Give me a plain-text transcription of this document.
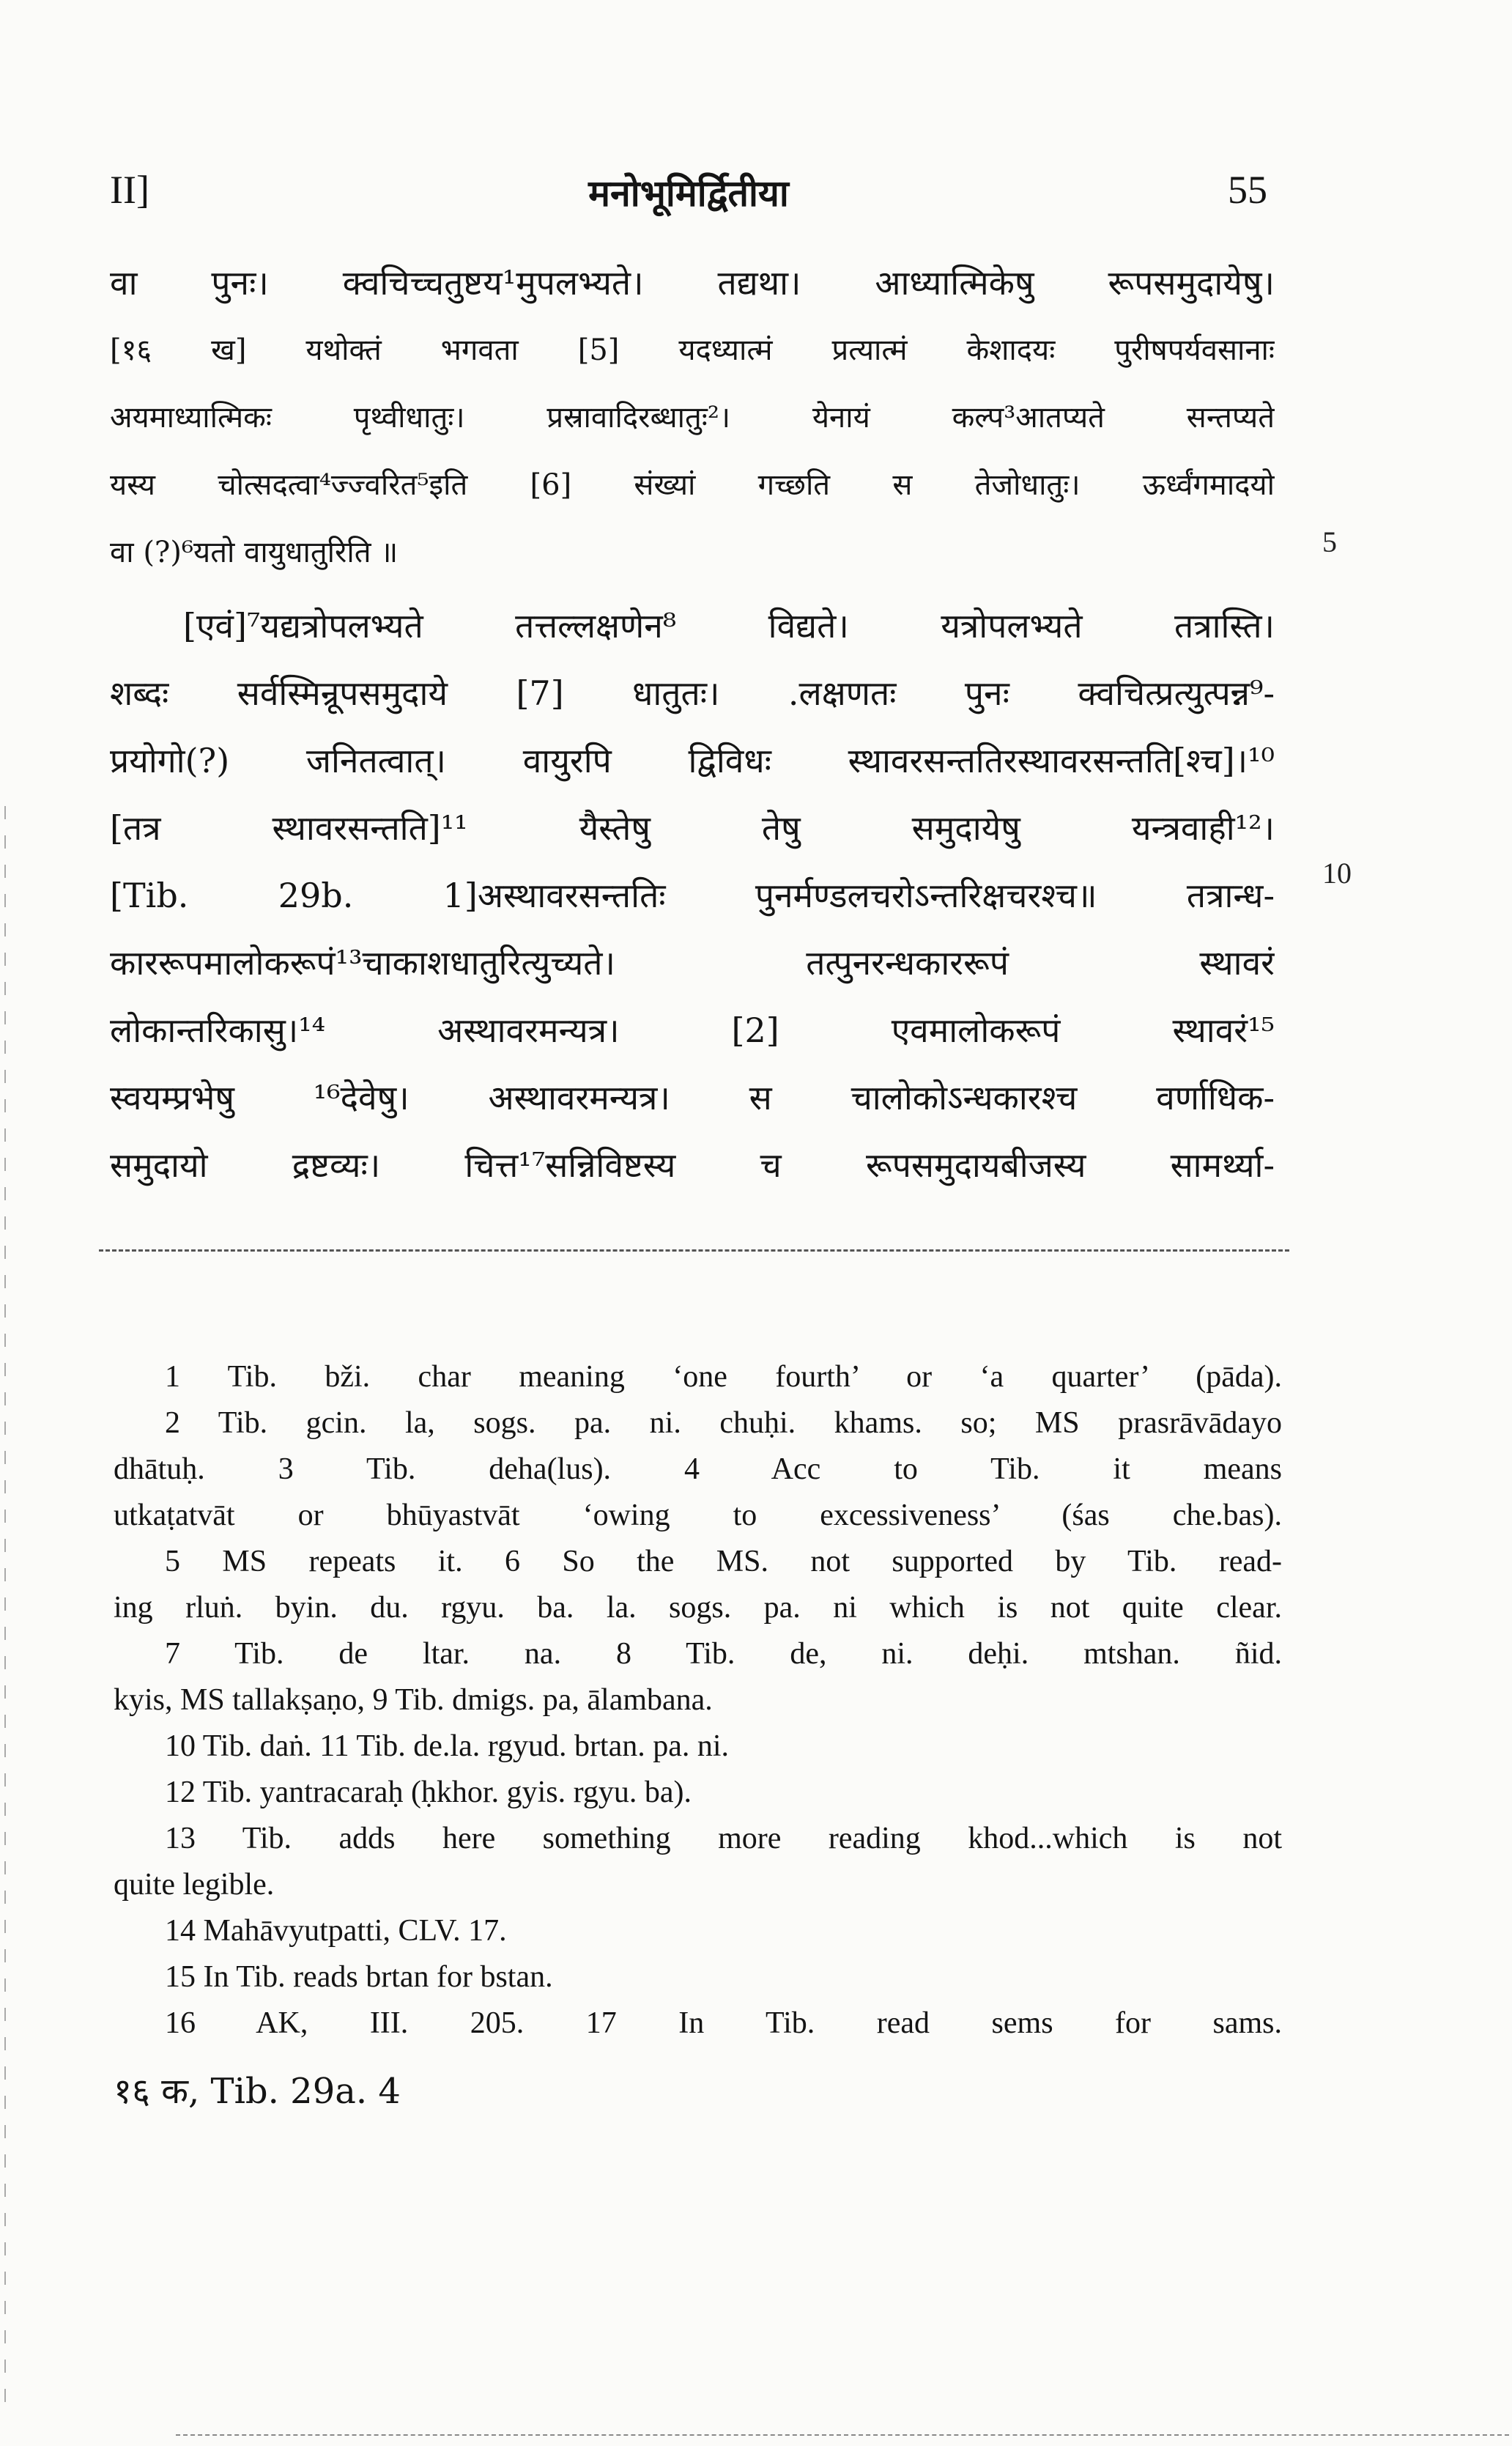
II]	मनोभूमिर्द्वितीया	55
वा पुनः। क्वचिच्चतुष्टय¹मुपलभ्यते। तद्यथा। आध्यात्मिकेषु रूपसमुदायेषु।
[१६ ख] यथोक्तं भगवता [5] यदध्यात्मं प्रत्यात्मं केशादयः पुरीषपर्यवसानाः
अयमाध्यात्मिकः पृथ्वीधातुः। प्रस्रावादिरब्धातुः²। येनायं कल्प³आतप्यते सन्तप्यते
यस्य चोत्सदत्वा⁴ज्ज्वरित⁵इति [6] संख्यां गच्छति स तेजोधातुः। ऊर्ध्वंगमादयो
वा (?)⁶यतो वायुधातुरिति ॥
[एवं]⁷यद्यत्रोपलभ्यते तत्तल्लक्षणेन⁸ विद्यते। यत्रोपलभ्यते तत्रास्ति।
शब्दः सर्वस्मिन्रूपसमुदाये [7] धातुतः। .लक्षणतः पुनः क्वचित्प्रत्युत्पन्न⁹-
प्रयोगो(?) जनितत्वात्। वायुरपि द्विविधः स्थावरसन्ततिरस्थावरसन्तति[श्च]।¹⁰
[तत्र स्थावरसन्तति]¹¹ यैस्तेषु तेषु समुदायेषु यन्त्रवाही¹²।
[Tib. 29b. 1]अस्थावरसन्ततिः पुनर्मण्डलचरोऽन्तरिक्षचरश्च॥ तत्रान्ध-
काररूपमालोकरूपं¹³चाकाशधातुरित्युच्यते। तत्पुनरन्धकाररूपं स्थावरं
लोकान्तरिकासु।¹⁴ अस्थावरमन्यत्र। [2] एवमालोकरूपं स्थावरं¹⁵
स्वयम्प्रभेषु ¹⁶देवेषु। अस्थावरमन्यत्र। स चालोकोऽन्धकारश्च वर्णाधिक-
समुदायो द्रष्टव्यः। चित्त¹⁷सन्निविष्टस्य च रूपसमुदायबीजस्य सामर्थ्या-
5
10
1 Tib. bži. char meaning ‘one fourth’ or ‘a quarter’ (pāda).
2 Tib. gcin. la, sogs. pa. ni. chuḥi. khams. so; MS prasrāvādayo
dhātuḥ. 3 Tib. deha(lus). 4 Acc to Tib. it means
utkaṭatvāt or bhūyastvāt ‘owing to excessiveness’ (śas che.bas).
5 MS repeats it. 6 So the MS. not supported by Tib. read-
ing rluṅ. byin. du. rgyu. ba. la. sogs. pa. ni which is not quite clear.
7 Tib. de ltar. na. 8 Tib. de, ni. deḥi. mtshan. ñid.
kyis, MS tallakṣaṇo, 9 Tib. dmigs. pa, ālambana.
10 Tib. daṅ. 11 Tib. de.la. rgyud. brtan. pa. ni.
12 Tib. yantracaraḥ (ḥkhor. gyis. rgyu. ba).
13 Tib. adds here something more reading khod...which is not
quite legible.
14 Mahāvyutpatti, CLV. 17.
15 In Tib. reads brtan for bstan.
16 AK, III. 205. 17 In Tib. read sems for sams.
१६ क, Tib. 29a. 4
